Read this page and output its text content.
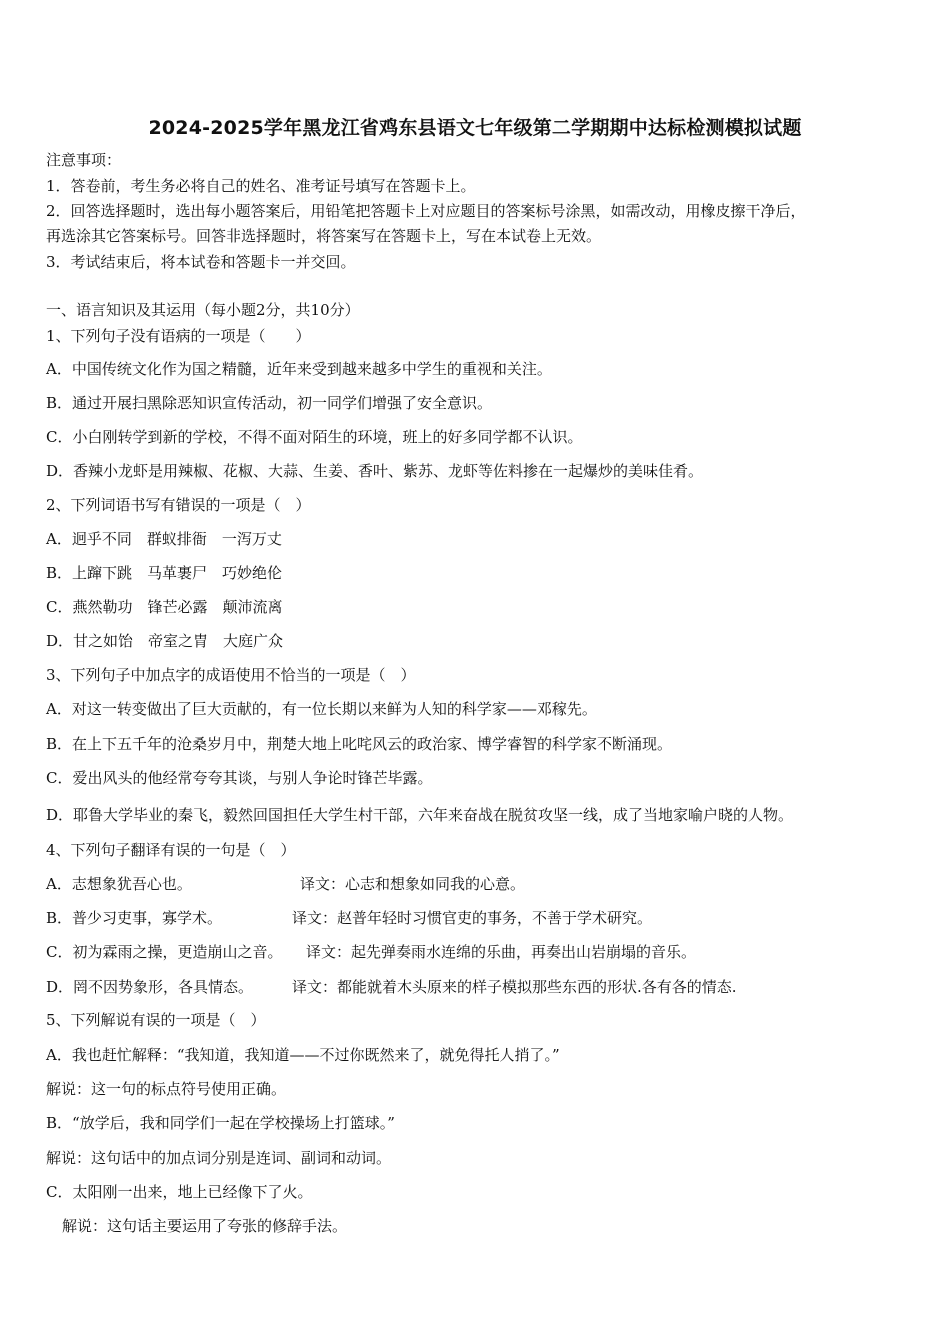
2024-2025学年黑龙江省鸡东县语文七年级第二学期期中达标检测模拟试题
注意事项：
1．答卷前，考生务必将自己的姓名、准考证号填写在答题卡上。
2．回答选择题时，选出每小题答案后，用铅笔把答题卡上对应题目的答案标号涂黑，如需改动，用橡皮擦干净后，
再选涂其它答案标号。回答非选择题时，将答案写在答题卡上，写在本试卷上无效。
3．考试结束后，将本试卷和答题卡一并交回。
一、语言知识及其运用（每小题2分，共10分）
1、下列句子没有语病的一项是（　　）
A．中国传统文化作为国之精髓，近年来受到越来越多中学生的重视和关注。
B．通过开展扫黑除恶知识宣传活动，初一同学们增强了安全意识。
C．小白刚转学到新的学校，不得不面对陌生的环境，班上的好多同学都不认识。
D．香辣小龙虾是用辣椒、花椒、大蒜、生姜、香叶、紫苏、龙虾等佐料掺在一起爆炒的美味佳肴。
2、下列词语书写有错误的一项是（　）
A．迥乎不同　群蚁排衙　一泻万丈
B．上蹿下跳　马革裹尸　巧妙绝伦
C．燕然勒功　锋芒必露　颠沛流离
D．甘之如饴　帝室之胄　大庭广众
3、下列句子中加点字的成语使用不恰当的一项是（　）
A．对这一转变做出了巨大贡献的，有一位长期以来鲜为人知的科学家——邓稼先。
B．在上下五千年的沧桑岁月中，荆楚大地上叱咤风云的政治家、博学睿智的科学家不断涌现。
C．爱出风头的他经常夸夸其谈，与别人争论时锋芒毕露。
D．耶鲁大学毕业的秦飞，毅然回国担任大学生村干部，六年来奋战在脱贫攻坚一线，成了当地家喻户晓的人物。
4、下列句子翻译有误的一句是（　）
A．志想象犹吾心也。	译文：心志和想象如同我的心意。
B．普少习吏事，寡学术。	译文：赵普年轻时习惯官吏的事务，不善于学术研究。
C．初为霖雨之操，更造崩山之音。 译文：起先弹奏雨水连绵的乐曲，再奏出山岩崩塌的音乐。
D．罔不因势象形，各具情态。	译文：都能就着木头原来的样子模拟那些东西的形状.各有各的情态.
5、下列解说有误的一项是（　）
A．我也赶忙解释：“我知道，我知道——不过你既然来了，就免得托人捎了。”
解说：这一句的标点符号使用正确。
B．“放学后，我和同学们一起在学校操场上打篮球。”
解说：这句话中的加点词分别是连词、副词和动词。
C．太阳刚一出来，地上已经像下了火。
解说：这句话主要运用了夸张的修辞手法。
